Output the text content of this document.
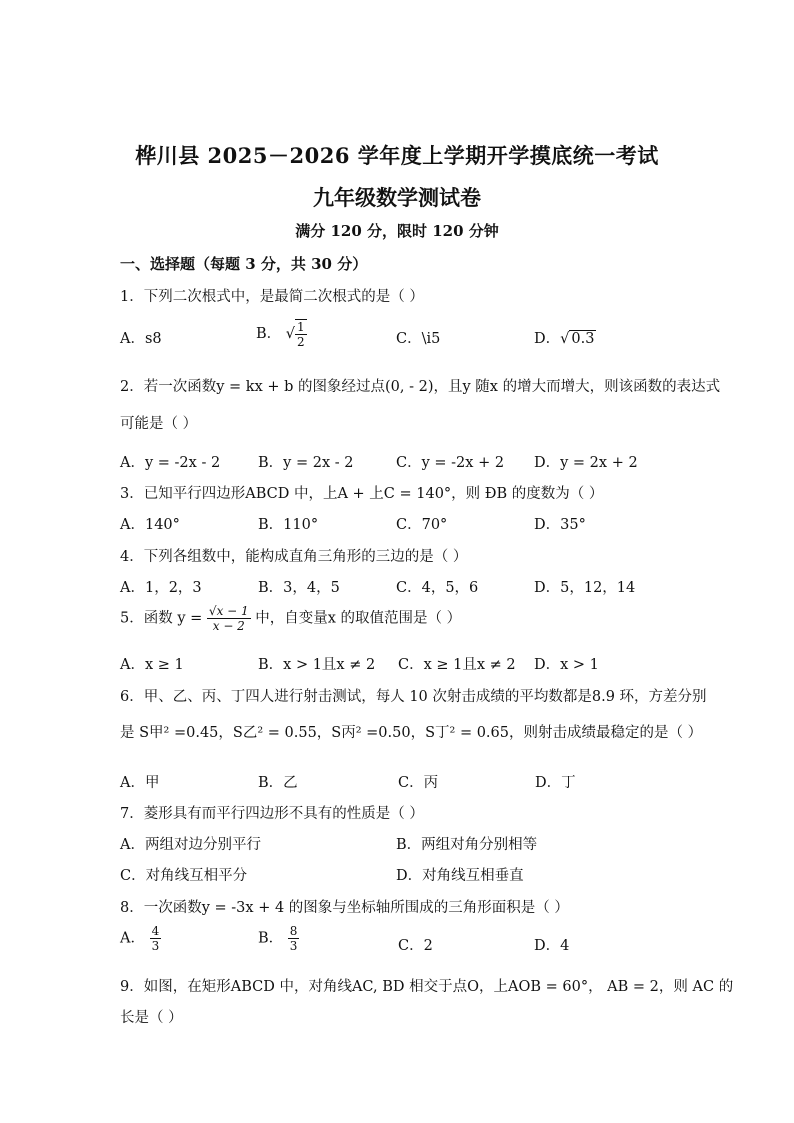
桦川县 2025－2026 学年度上学期开学摸底统一考试
九年级数学测试卷
满分 120 分，限时 120 分钟
一、选择题（每题 3 分，共 30 分）
1．下列二次根式中，是最简二次根式的是（ ）
A．s8	B． √ $\frac{1}{2}$	C．\i5	D．√ 0.3
2．若一次函数y = kx + b 的图象经过点(0, - 2)，且y 随x 的增大而增大，则该函数的表达式
可能是（ ）
A．y = -2x - 2	B．y = 2x - 2	C．y = -2x + 2 D．y = 2x + 2
3．已知平行四边形ABCD 中，上A + 上C = 140°，则 ÐB 的度数为（ ）
A．140°	B．110°	C．70°	D．35°
4．下列各组数中，能构成直角三角形的三边的是（ ）
A．1，2，3	B．3，4，5	C．4，5，6	D．5，12，14
5．函数 $y = \frac{√x - 1}{x - 2}$ 中，自变量x 的取值范围是（ ）
A．x ≥ 1	B．x > 1且x ≠ 2 C．x ≥ 1且x ≠ 2 D．x > 1
6．甲、乙、丙、丁四人进行射击测试，每人 10 次射击成绩的平均数都是8.9 环，方差分别
是 S甲² =0.45，S乙² = 0.55，S丙² =0.50，S丁² = 0.65，则射击成绩最稳定的是（ ）
A．甲	B．乙	C．丙	D．丁
7．菱形具有而平行四边形不具有的性质是（ ）
A．两组对边分别平行	B．两组对角分别相等
C．对角线互相平分	D．对角线互相垂直
8．一次函数y = -3x + 4 的图象与坐标轴所围成的三角形面积是（ ）
A． $\frac{4}{3}$	B． $\frac{8}{3}$	C．2	D．4
9．如图，在矩形ABCD 中，对角线AC, BD 相交于点O，上AOB = 60°， AB = 2，则 AC 的
长是（ ）
